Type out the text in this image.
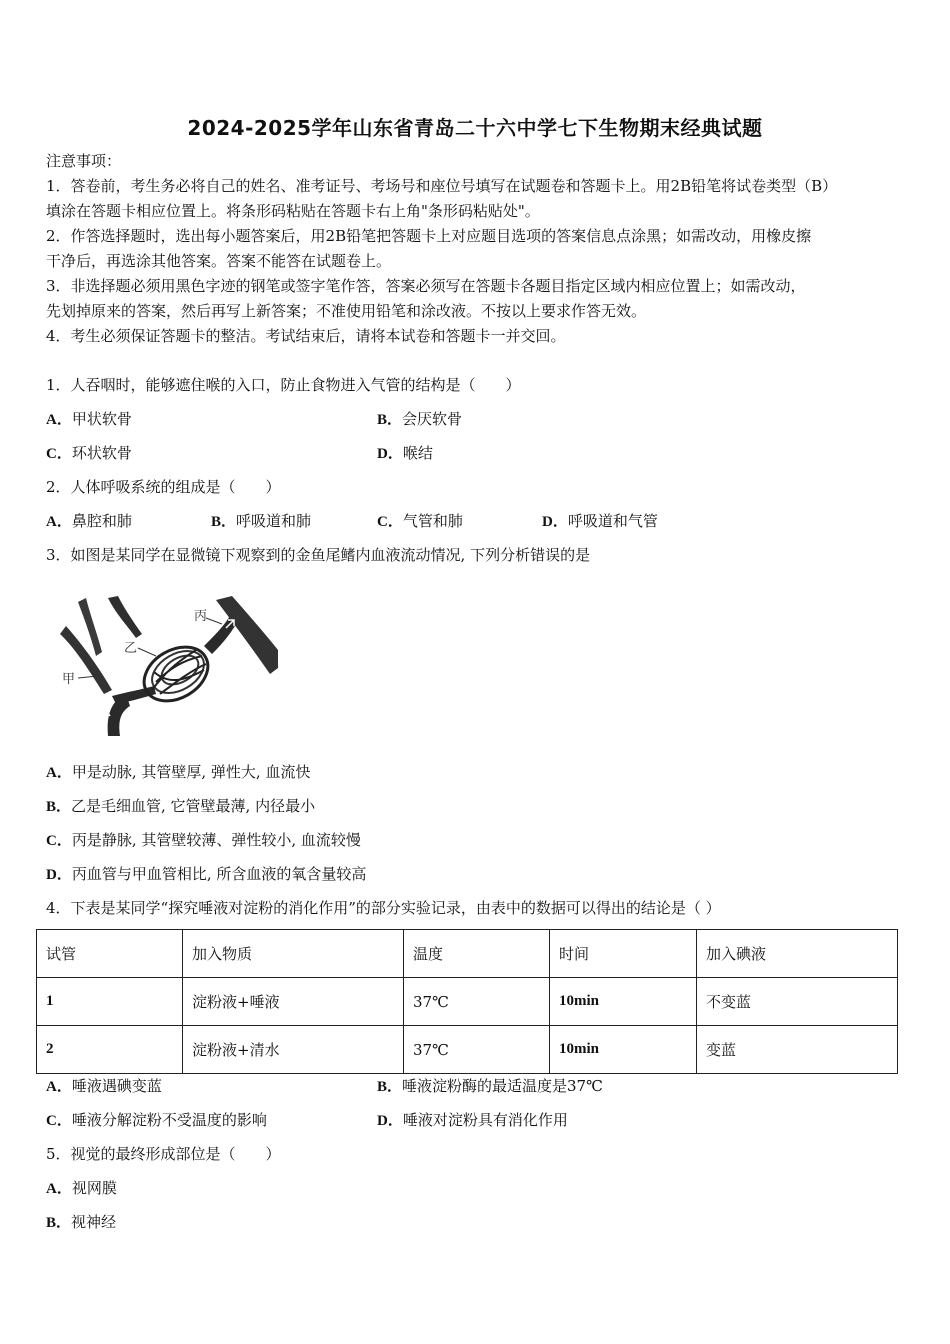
2024-2025学年山东省青岛二十六中学七下生物期末经典试题
注意事项：
1．答卷前，考生务必将自己的姓名、准考证号、考场号和座位号填写在试题卷和答题卡上。用2B铅笔将试卷类型（B）
填涂在答题卡相应位置上。将条形码粘贴在答题卡右上角"条形码粘贴处"。
2．作答选择题时，选出每小题答案后，用2B铅笔把答题卡上对应题目选项的答案信息点涂黑；如需改动，用橡皮擦
干净后，再选涂其他答案。答案不能答在试题卷上。
3．非选择题必须用黑色字迹的钢笔或签字笔作答，答案必须写在答题卡各题目指定区域内相应位置上；如需改动，
先划掉原来的答案，然后再写上新答案；不准使用铅笔和涂改液。不按以上要求作答无效。
4．考生必须保证答题卡的整洁。考试结束后，请将本试卷和答题卡一并交回。
1．人吞咽时，能够遮住喉的入口，防止食物进入气管的结构是（　　）
A．甲状软骨	B．会厌软骨
C．环状软骨	D．喉结
2．人体呼吸系统的组成是（　　）
A．鼻腔和肺	B．呼吸道和肺	C．气管和肺	D．呼吸道和气管
3．如图是某同学在显微镜下观察到的金鱼尾鳍内血液流动情况, 下列分析错误的是
甲
乙
丙
A．甲是动脉, 其管壁厚, 弹性大, 血流快
B．乙是毛细血管, 它管壁最薄, 内径最小
C．丙是静脉, 其管壁较薄、弹性较小, 血流较慢
D．丙血管与甲血管相比, 所含血液的氧含量较高
4．下表是某同学“探究唾液对淀粉的消化作用”的部分实验记录，由表中的数据可以得出的结论是（ ）
试管	加入物质	温度	时间	加入碘液
1	淀粉液+唾液	37℃	10min	不变蓝
2	淀粉液+清水	37℃	10min	变蓝
A．唾液遇碘变蓝	B．唾液淀粉酶的最适温度是37℃
C．唾液分解淀粉不受温度的影响	D．唾液对淀粉具有消化作用
5．视觉的最终形成部位是（　　）
A．视网膜
B．视神经
